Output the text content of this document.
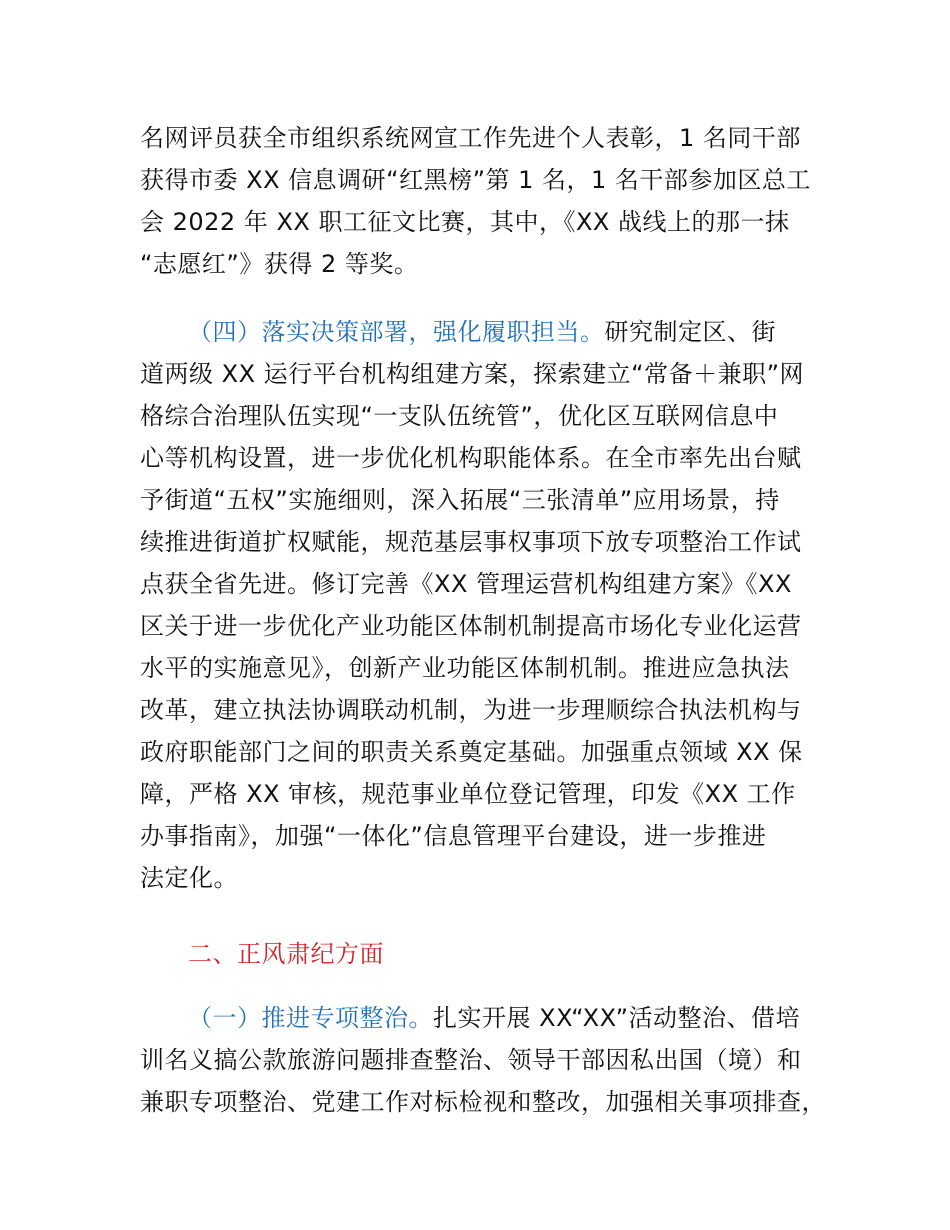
名网评员获全市组织系统网宣工作先进个人表彰，1 名同干部
获得市委 XX 信息调研“红黑榜”第 1 名，1 名干部参加区总工
会 2022 年 XX 职工征文比赛，其中，《XX 战线上的那一抹
“志愿红”》获得 2 等奖。
（四）落实决策部署，强化履职担当。研究制定区、街
道两级 XX 运行平台机构组建方案，探索建立“常备＋兼职”网
格综合治理队伍实现“一支队伍统管”，优化区互联网信息中
心等机构设置，进一步优化机构职能体系。在全市率先出台赋
予街道“五权”实施细则，深入拓展“三张清单”应用场景，持
续推进街道扩权赋能，规范基层事权事项下放专项整治工作试
点获全省先进。修订完善《XX 管理运营机构组建方案》《XX
区关于进一步优化产业功能区体制机制提高市场化专业化运营
水平的实施意见》，创新产业功能区体制机制。推进应急执法
改革，建立执法协调联动机制，为进一步理顺综合执法机构与
政府职能部门之间的职责关系奠定基础。加强重点领域 XX 保
障，严格 XX 审核，规范事业单位登记管理，印发《XX 工作
办事指南》，加强“一体化”信息管理平台建设，进一步推进
法定化。
二、正风肃纪方面
（一）推进专项整治。扎实开展 XX“XX”活动整治、借培
训名义搞公款旅游问题排查整治、领导干部因私出国（境）和
兼职专项整治、党建工作对标检视和整改，加强相关事项排查，
